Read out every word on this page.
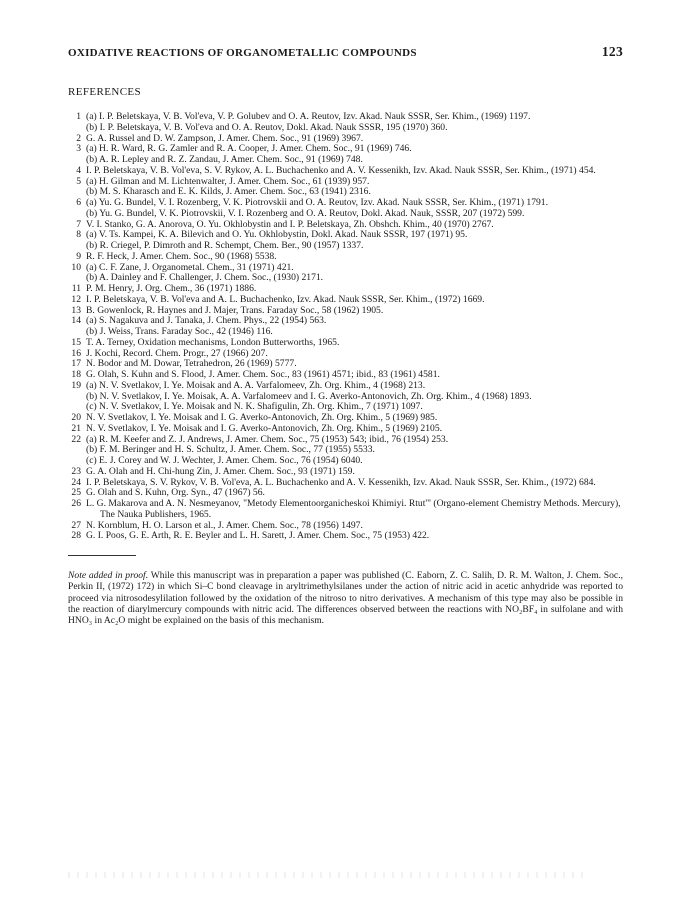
OXIDATIVE REACTIONS OF ORGANOMETALLIC COMPOUNDS	123
REFERENCES
1 (a) I. P. Beletskaya, V. B. Vol'eva, V. P. Golubev and O. A. Reutov, Izv. Akad. Nauk SSSR, Ser. Khim., (1969) 1197.
(b) I. P. Beletskaya, V. B. Vol'eva and O. A. Reutov, Dokl. Akad. Nauk SSSR, 195 (1970) 360.
2 G. A. Russel and D. W. Zampson, J. Amer. Chem. Soc., 91 (1969) 3967.
3 (a) H. R. Ward, R. G. Zamler and R. A. Cooper, J. Amer. Chem. Soc., 91 (1969) 746.
(b) A. R. Lepley and R. Z. Zandau, J. Amer. Chem. Soc., 91 (1969) 748.
4 I. P. Beletskaya, V. B. Vol'eva, S. V. Rykov, A. L. Buchachenko and A. V. Kessenikh, Izv. Akad. Nauk SSSR, Ser. Khim., (1971) 454.
5 (a) H. Gilman and M. Lichtenwalter, J. Amer. Chem. Soc., 61 (1939) 957.
(b) M. S. Kharasch and E. K. Kilds, J. Amer. Chem. Soc., 63 (1941) 2316.
6 (a) Yu. G. Bundel, V. I. Rozenberg, V. K. Piotrovskii and O. A. Reutov, Izv. Akad. Nauk SSSR, Ser. Khim., (1971) 1791.
(b) Yu. G. Bundel, V. K. Piotrovskii, V. I. Rozenberg and O. A. Reutov, Dokl. Akad. Nauk, SSSR, 207 (1972) 599.
7 V. I. Stanko, G. A. Anorova, O. Yu. Okhlobystin and I. P. Beletskaya, Zh. Obshch. Khim., 40 (1970) 2767.
8 (a) V. Ts. Kampei, K. A. Bilevich and O. Yu. Okhlobystin, Dokl. Akad. Nauk SSSR, 197 (1971) 95.
(b) R. Criegel, P. Dimroth and R. Schempt, Chem. Ber., 90 (1957) 1337.
9 R. F. Heck, J. Amer. Chem. Soc., 90 (1968) 5538.
10 (a) C. F. Zane, J. Organometal. Chem., 31 (1971) 421.
(b) A. Dainley and F. Challenger, J. Chem. Soc., (1930) 2171.
11 P. M. Henry, J. Org. Chem., 36 (1971) 1886.
12 I. P. Beletskaya, V. B. Vol'eva and A. L. Buchachenko, Izv. Akad. Nauk SSSR, Ser. Khim., (1972) 1669.
13 B. Gowenlock, R. Haynes and J. Majer, Trans. Faraday Soc., 58 (1962) 1905.
14 (a) S. Nagakuva and J. Tanaka, J. Chem. Phys., 22 (1954) 563.
(b) J. Weiss, Trans. Faraday Soc., 42 (1946) 116.
15 T. A. Terney, Oxidation mechanisms, London Butterworths, 1965.
16 J. Kochi, Record. Chem. Progr., 27 (1966) 207.
17 N. Bodor and M. Dowar, Tetrahedron, 26 (1969) 5777.
18 G. Olah, S. Kuhn and S. Flood, J. Amer. Chem. Soc., 83 (1961) 4571; ibid., 83 (1961) 4581.
19 (a) N. V. Svetlakov, I. Ye. Moisak and A. A. Varfalomeev, Zh. Org. Khim., 4 (1968) 213.
(b) N. V. Svetlakov, I. Ye. Moisak, A. A. Varfalomeev and I. G. Averko-Antonovich, Zh. Org. Khim., 4 (1968) 1893.
(c) N. V. Svetlakov, I. Ye. Moisak and N. K. Shafigulin, Zh. Org. Khim., 7 (1971) 1097.
20 N. V. Svetlakov, I. Ye. Moisak and I. G. Averko-Antonovich, Zh. Org. Khim., 5 (1969) 985.
21 N. V. Svetlakov, I. Ye. Moisak and I. G. Averko-Antonovich, Zh. Org. Khim., 5 (1969) 2105.
22 (a) R. M. Keefer and Z. J. Andrews, J. Amer. Chem. Soc., 75 (1953) 543; ibid., 76 (1954) 253.
(b) F. M. Beringer and H. S. Schultz, J. Amer. Chem. Soc., 77 (1955) 5533.
(c) E. J. Corey and W. J. Wechter, J. Amer. Chem. Soc., 76 (1954) 6040.
23 G. A. Olah and H. Chi-hung Zin, J. Amer. Chem. Soc., 93 (1971) 159.
24 I. P. Beletskaya, S. V. Rykov, V. B. Vol'eva, A. L. Buchachenko and A. V. Kessenikh, Izv. Akad. Nauk SSSR, Ser. Khim., (1972) 684.
25 G. Olah and S. Kuhn, Org. Syn., 47 (1967) 56.
26 L. G. Makarova and A. N. Nesmeyanov, "Metody Elementoorganicheskoi Khimiyi. Rtut'" (Organo-element Chemistry Methods. Mercury), The Nauka Publishers, 1965.
27 N. Kornblum, H. O. Larson et al., J. Amer. Chem. Soc., 78 (1956) 1497.
28 G. I. Poos, G. E. Arth, R. E. Beyler and L. H. Sarett, J. Amer. Chem. Soc., 75 (1953) 422.
Note added in proof. While this manuscript was in preparation a paper was published (C. Eaborn, Z. C. Salih, D. R. M. Walton, J. Chem. Soc., Perkin II, (1972) 172) in which Si–C bond cleavage in aryltrimethylsilanes under the action of nitric acid in acetic anhydride was reported to proceed via nitrosodesylilation followed by the oxidation of the nitroso to nitro derivatives. A mechanism of this type may also be possible in the reaction of diarylmercury compounds with nitric acid. The differences observed between the reactions with NO₂BF₄ in sulfolane and with HNO₃ in Ac₂O might be explained on the basis of this mechanism.
